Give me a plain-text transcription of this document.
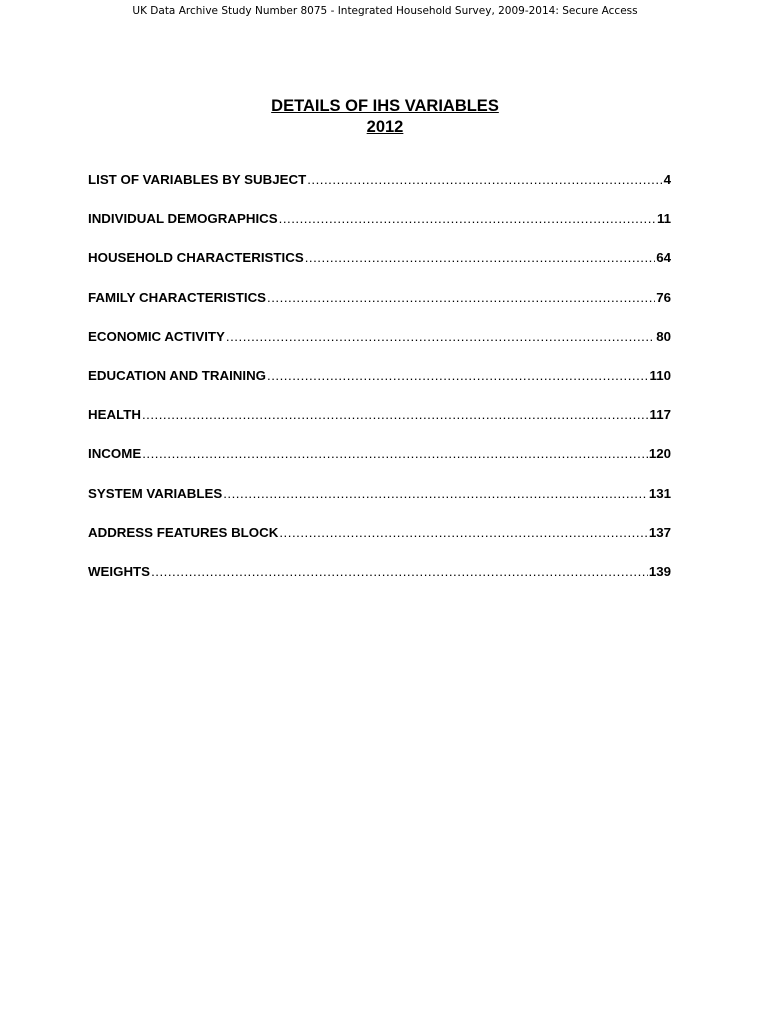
UK Data Archive Study Number 8075 - Integrated Household Survey, 2009-2014: Secure Access
DETAILS OF IHS VARIABLES
2012
LIST OF VARIABLES BY SUBJECT .....	4
INDIVIDUAL DEMOGRAPHICS .....	11
HOUSEHOLD CHARACTERISTICS .....	64
FAMILY CHARACTERISTICS .....	76
ECONOMIC ACTIVITY .....	80
EDUCATION AND TRAINING .....	110
HEALTH .....	117
INCOME .....	120
SYSTEM VARIABLES .....	131
ADDRESS FEATURES BLOCK .....	137
WEIGHTS .....	139
